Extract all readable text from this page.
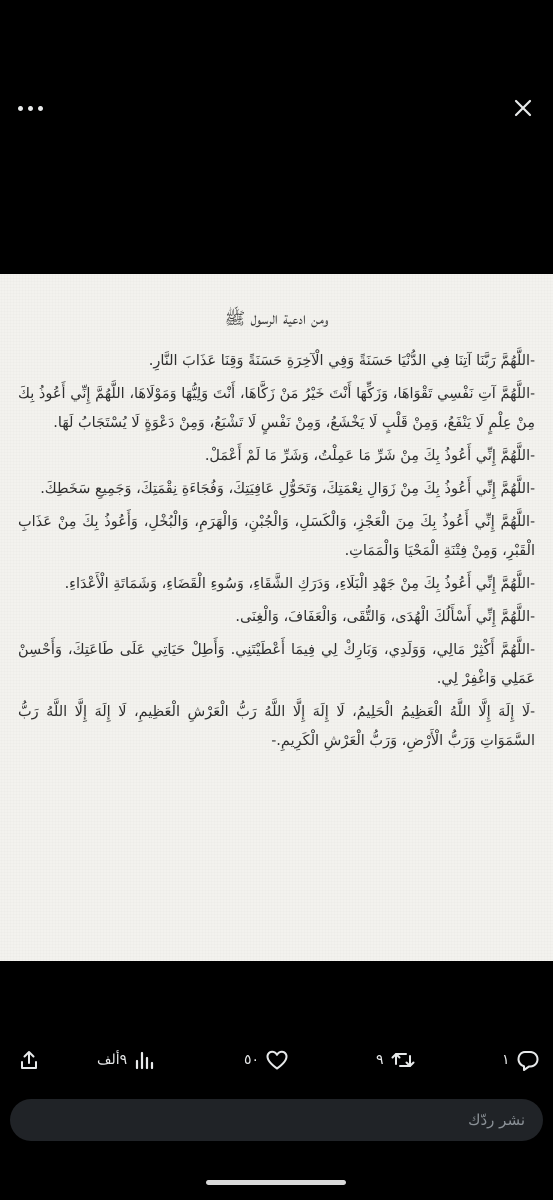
ومن ادعية الرسول ﷺ

-اللَّهُمَّ رَبَّنَا آتِنَا فِي الدُّنْيَا حَسَنَةً وَفِي الْآخِرَةِ حَسَنَةً وَقِنَا عَذَابَ النَّارِ.

-اللَّهُمَّ آتِ نَفْسِي تَقْوَاهَا، وَزَكِّهَا أَنْتَ خَيْرُ مَنْ زَكَّاهَا، أَنْتَ وَلِيُّهَا وَمَوْلَاهَا، اللَّهُمَّ إِنِّي أَعُوذُ بِكَ مِنْ عِلْمٍ لَا يَنْفَعُ، وَمِنْ قَلْبٍ لَا يَخْشَعُ، وَمِنْ نَفْسٍ لَا تَشْبَعُ، وَمِنْ دَعْوَةٍ لَا يُسْتَجَابُ لَهَا.

-اللَّهُمَّ إِنِّي أَعُوذُ بِكَ مِنْ شَرِّ مَا عَمِلْتُ، وَشَرِّ مَا لَمْ أَعْمَلْ.

-اللَّهُمَّ إِنِّي أَعُوذُ بِكَ مِنْ زَوَالِ نِعْمَتِكَ، وَتَحَوُّلِ عَافِيَتِكَ، وَفُجَاءَةِ نِقْمَتِكَ، وَجَمِيعِ سَخَطِكَ.

-اللَّهُمَّ إِنِّي أَعُوذُ بِكَ مِنَ الْعَجْزِ، وَالْكَسَلِ، وَالْجُبْنِ، وَالْهَرَمِ، وَالْبُخْلِ، وَأَعُوذُ بِكَ مِنْ عَذَابِ الْقَبْرِ، وَمِنْ فِتْنَةِ الْمَحْيَا وَالْمَمَاتِ.

-اللَّهُمَّ إِنِّي أَعُوذُ بِكَ مِنْ جَهْدِ الْبَلَاءِ، وَدَرَكِ الشَّقَاءِ، وَسُوءِ الْقَضَاءِ، وَشَمَاتَةِ الْأَعْدَاءِ.

-اللَّهُمَّ إِنِّي أَسْأَلُكَ الْهُدَى، وَالتُّقَى، وَالْعَفَافَ، وَالْغِنَى.

-اللَّهُمَّ أَكْثِرْ مَالِي، وَوَلَدِي، وَبَارِكْ لِي فِيمَا أَعْطَيْتَنِي. وَأَطِلْ حَيَاتِي عَلَى طَاعَتِكَ، وَأَحْسِنْ عَمَلِي وَاغْفِرْ لِي.

-لَا إِلَهَ إِلَّا اللَّهُ الْعَظِيمُ الْحَلِيمُ، لَا إِلَهَ إِلَّا اللَّهُ رَبُّ الْعَرْشِ الْعَظِيمِ، لَا إِلَهَ إِلَّا اللَّهُ رَبُّ السَّمَوَاتِ وَرَبُّ الْأَرْضِ، وَرَبُّ الْعَرْشِ الْكَرِيمِ.-

٩ألف	٥٠	٩	١
نشر ردّك
